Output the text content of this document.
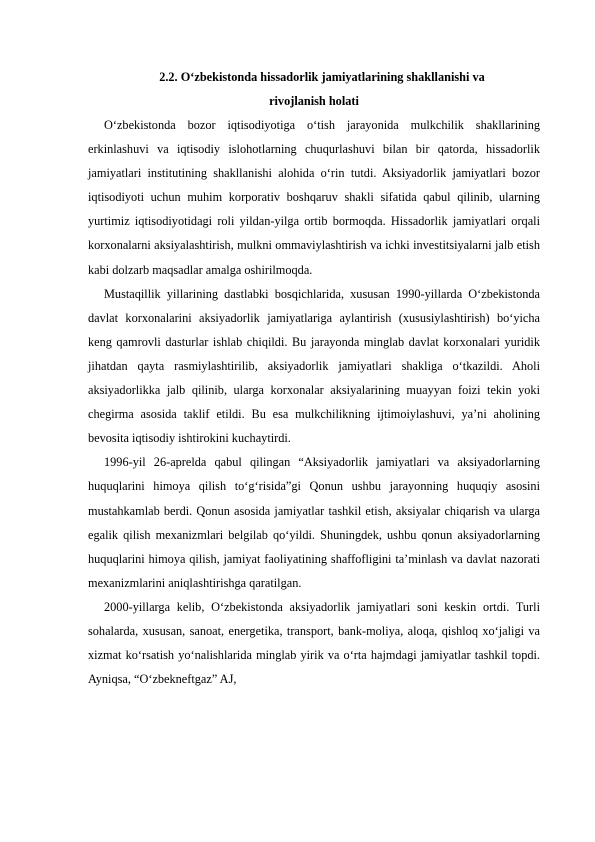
2.2. O‘zbekistonda hissadorlik jamiyatlarining shakllanishi va
rivojlanish holati

O‘zbekistonda bozor iqtisodiyotiga o‘tish jarayonida mulkchilik shakllarining erkinlashuvi va iqtisodiy islohotlarning chuqurlashuvi bilan bir qatorda, hissadorlik jamiyatlari institutining shakllanishi alohida o‘rin tutdi. Aksiyadorlik jamiyatlari bozor iqtisodiyoti uchun muhim korporativ boshqaruv shakli sifatida qabul qilinib, ularning yurtimiz iqtisodiyotidagi roli yildan-yilga ortib bormoqda. Hissadorlik jamiyatlari orqali korxonalarni aksiyalashtirish, mulkni ommaviylashtirish va ichki investitsiyalarni jalb etish kabi dolzarb maqsadlar amalga oshirilmoqda.

Mustaqillik yillarining dastlabki bosqichlarida, xususan 1990-yillarda O‘zbekistonda davlat korxonalarini aksiyadorlik jamiyatlariga aylantirish (xususiylashtirish) bo‘yicha keng qamrovli dasturlar ishlab chiqildi. Bu jarayonda minglab davlat korxonalari yuridik jihatdan qayta rasmiylashtirilib, aksiyadorlik jamiyatlari shakliga o‘tkazildi. Aholi aksiyadorlikka jalb qilinib, ularga korxonalar aksiyalarining muayyan foizi tekin yoki chegirma asosida taklif etildi. Bu esa mulkchilikning ijtimoiylashuvi, ya’ni aholining bevosita iqtisodiy ishtirokini kuchaytirdi.

1996-yil 26-aprelda qabul qilingan “Aksiyadorlik jamiyatlari va aksiyadorlarning huquqlarini himoya qilish to‘g‘risida”gi Qonun ushbu jarayonning huquqiy asosini mustahkamlab berdi. Qonun asosida jamiyatlar tashkil etish, aksiyalar chiqarish va ularga egalik qilish mexanizmlari belgilab qo‘yildi. Shuningdek, ushbu qonun aksiyadorlarning huquqlarini himoya qilish, jamiyat faoliyatining shaffofligini ta’minlash va davlat nazorati mexanizmlarini aniqlashtirishga qaratilgan.

2000-yillarga kelib, O‘zbekistonda aksiyadorlik jamiyatlari soni keskin ortdi. Turli sohalarda, xususan, sanoat, energetika, transport, bank-moliya, aloqa, qishloq xo‘jaligi va xizmat ko‘rsatish yo‘nalishlarida minglab yirik va o‘rta hajmdagi jamiyatlar tashkil topdi. Ayniqsa, “O‘zbekneftgaz” AJ,
